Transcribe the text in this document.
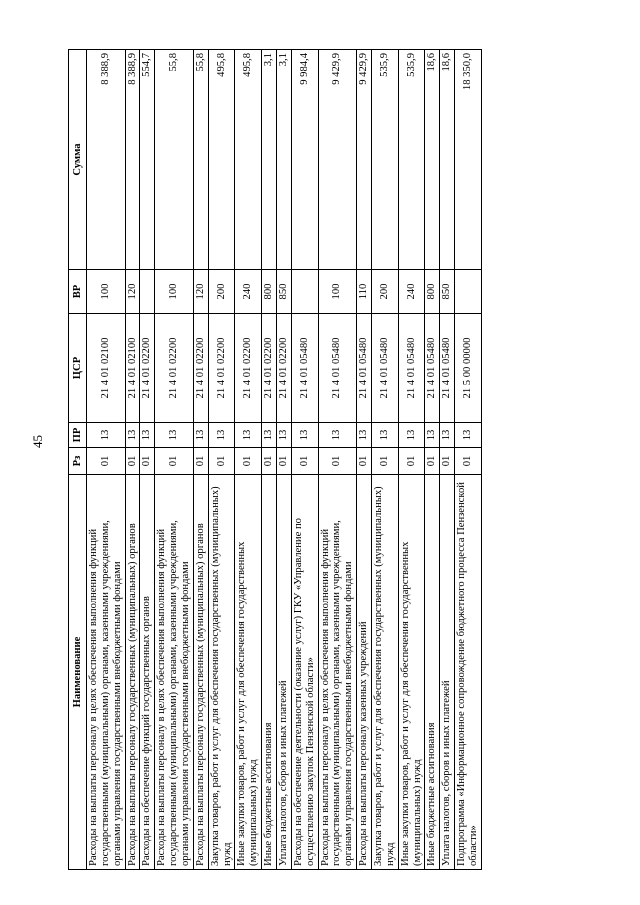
45
Наименование	Рз	ПР	ЦСР	ВР	Сумма
Расходы на выплаты персоналу в целях обеспечения выполнения функций государственными (муниципальными) органами, казенными учреждениями, органами управления государственными внебюджетными фондами	01	13	21 4 01 02100	100	8 388,9
Расходы на выплаты персоналу государственных (муниципальных) органов	01	13	21 4 01 02100	120	8 388,9
Расходы на обеспечение функций государственных органов	01	13	21 4 01 02200		554,7
Расходы на выплаты персоналу в целях обеспечения выполнения функций государственными (муниципальными) органами, казенными учреждениями, органами управления государственными внебюджетными фондами	01	13	21 4 01 02200	100	55,8
Расходы на выплаты персоналу государственных (муниципальных) органов	01	13	21 4 01 02200	120	55,8
Закупка товаров, работ и услуг для обеспечения государственных (муниципальных) нужд	01	13	21 4 01 02200	200	495,8
Иные закупки товаров, работ и услуг для обеспечения государственных (муниципальных) нужд	01	13	21 4 01 02200	240	495,8
Иные бюджетные ассигнования	01	13	21 4 01 02200	800	3,1
Уплата налогов, сборов и иных платежей	01	13	21 4 01 02200	850	3,1
Расходы на обеспечение деятельности (оказание услуг) ГКУ «Управление по осуществлению закупок Пензенской области»	01	13	21 4 01 05480		9 984,4
Расходы на выплаты персоналу в целях обеспечения выполнения функций государственными (муниципальными) органами, казенными учреждениями, органами управления государственными внебюджетными фондами	01	13	21 4 01 05480	100	9 429,9
Расходы на выплаты персоналу казенных учреждений	01	13	21 4 01 05480	110	9 429,9
Закупка товаров, работ и услуг для обеспечения государственных (муниципальных) нужд	01	13	21 4 01 05480	200	535,9
Иные закупки товаров, работ и услуг для обеспечения государственных (муниципальных) нужд	01	13	21 4 01 05480	240	535,9
Иные бюджетные ассигнования	01	13	21 4 01 05480	800	18,6
Уплата налогов, сборов и иных платежей	01	13	21 4 01 05480	850	18,6
Подпрограмма «Информационное сопровождение бюджетного процесса Пензенской области»	01	13	21 5 00 00000		18 350,0
